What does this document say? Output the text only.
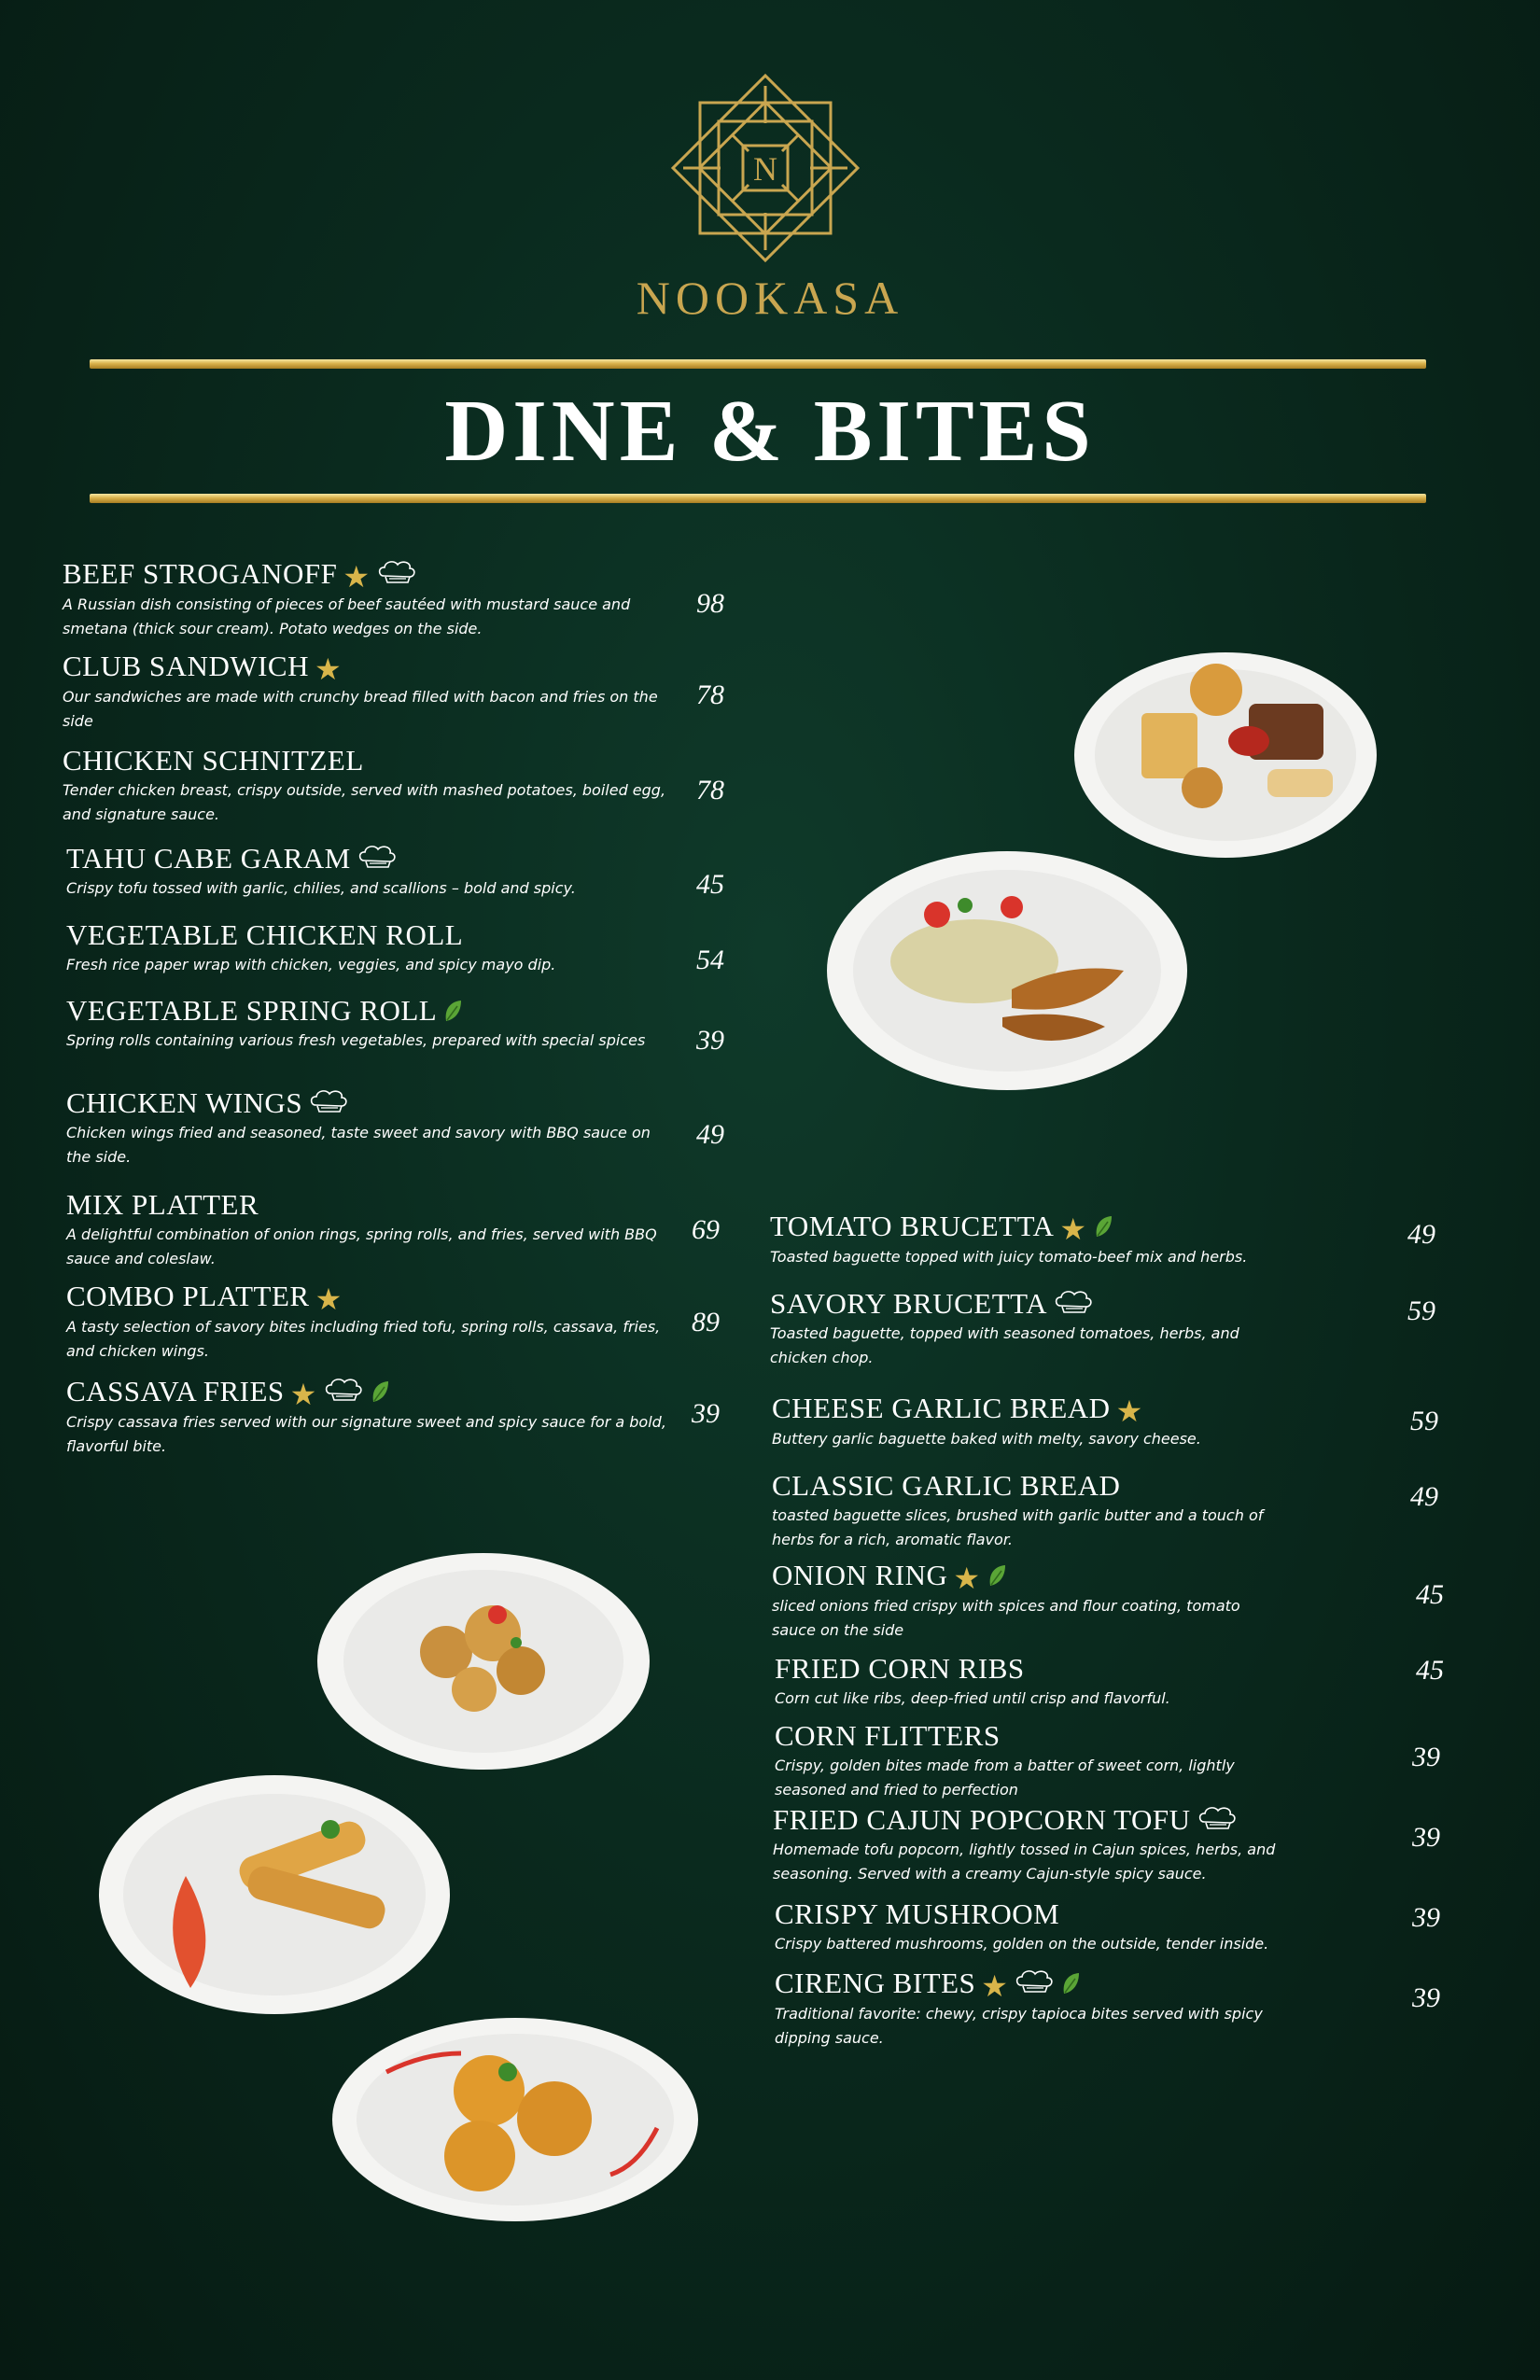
N
NOOKASA
DINE & BITES
BEEF STROGANOFF ★
A Russian dish consisting of pieces of beef sautéed with mustard sauce and smetana (thick sour cream). Potato wedges on the side.
98
CLUB SANDWICH ★
Our sandwiches are made with crunchy bread filled with bacon and fries on the side
78
CHICKEN SCHNITZEL
Tender chicken breast, crispy outside, served with mashed potatoes, boiled egg, and signature sauce.
78
TAHU CABE GARAM
Crispy tofu tossed with garlic, chilies, and scallions – bold and spicy.	45
VEGETABLE CHICKEN ROLL
Fresh rice paper wrap with chicken, veggies, and spicy mayo dip.	54
VEGETABLE SPRING ROLL
Spring rolls containing various fresh vegetables, prepared with special spices	39
CHICKEN WINGS
Chicken wings fried and seasoned, taste sweet and savory with BBQ sauce on the side.
49
MIX PLATTER
A delightful combination of onion rings, spring rolls, and fries, served with BBQ sauce and coleslaw.
69
COMBO PLATTER ★
A tasty selection of savory bites including fried tofu, spring rolls, cassava, fries, and chicken wings.
89
CASSAVA FRIES ★
Crispy cassava fries served with our signature sweet and spicy sauce for a bold, flavorful bite.
39
TOMATO BRUCETTA ★
Toasted baguette topped with juicy tomato-beef mix and herbs.
49
SAVORY BRUCETTA
Toasted baguette, topped with seasoned tomatoes, herbs, and chicken chop.
59
CHEESE GARLIC BREAD ★
Buttery garlic baguette baked with melty, savory cheese.
59
CLASSIC GARLIC BREAD
toasted baguette slices, brushed with garlic butter and a touch of herbs for a rich, aromatic flavor.
49
ONION RING ★
sliced onions fried crispy with spices and flour coating, tomato sauce on the side
45
FRIED CORN RIBS
Corn cut like ribs, deep-fried until crisp and flavorful.
45
CORN FLITTERS
Crispy, golden bites made from a batter of sweet corn, lightly seasoned and fried to perfection
39
FRIED CAJUN POPCORN TOFU
Homemade tofu popcorn, lightly tossed in Cajun spices, herbs, and seasoning. Served with a creamy Cajun-style spicy sauce.
39
CRISPY MUSHROOM
Crispy battered mushrooms, golden on the outside, tender inside.
39
CIRENG BITES ★
Traditional favorite: chewy, crispy tapioca bites served with spicy dipping sauce.
39
